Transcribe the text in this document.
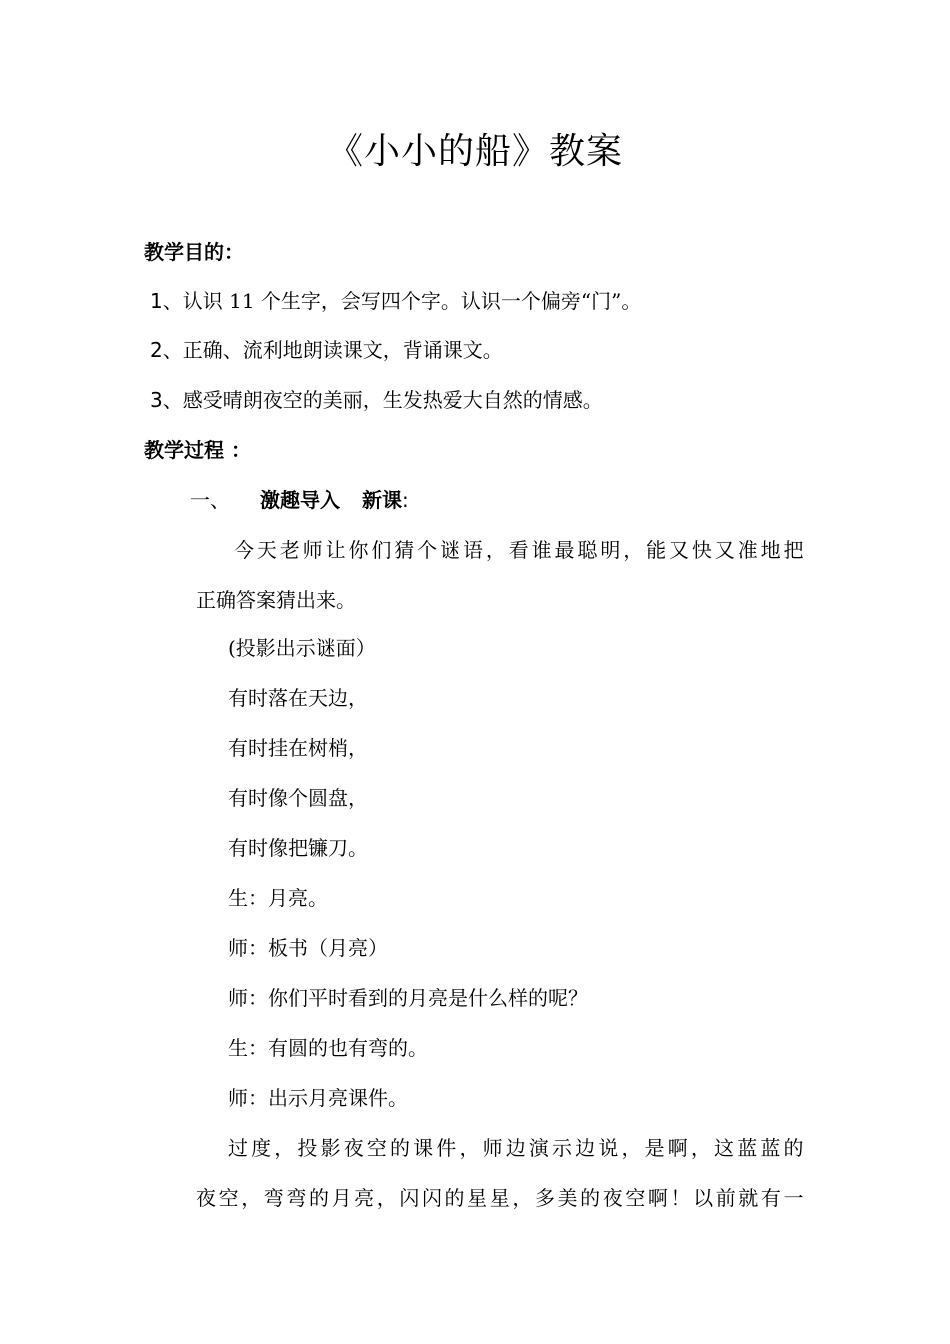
《小小的船》教案
教学目的：
1、认识 11 个生字，会写四个字。认识一个偏旁“门”。
2、正确、流利地朗读课文，背诵课文。
3、感受晴朗夜空的美丽，生发热爱大自然的情感。
教学过程 ：
一、 激趣导入 新课:
今天老师让你们猜个谜语，看谁最聪明，能又快又准地把
正确答案猜出来。
(投影出示谜面）
有时落在天边，
有时挂在树梢，
有时像个圆盘，
有时像把镰刀。
生：月亮。
师：板书（月亮）
师：你们平时看到的月亮是什么样的呢？
生：有圆的也有弯的。
师：出示月亮课件。
过度，投影夜空的课件，师边演示边说，是啊，这蓝蓝的
夜空，弯弯的月亮，闪闪的星星，多美的夜空啊！以前就有一
